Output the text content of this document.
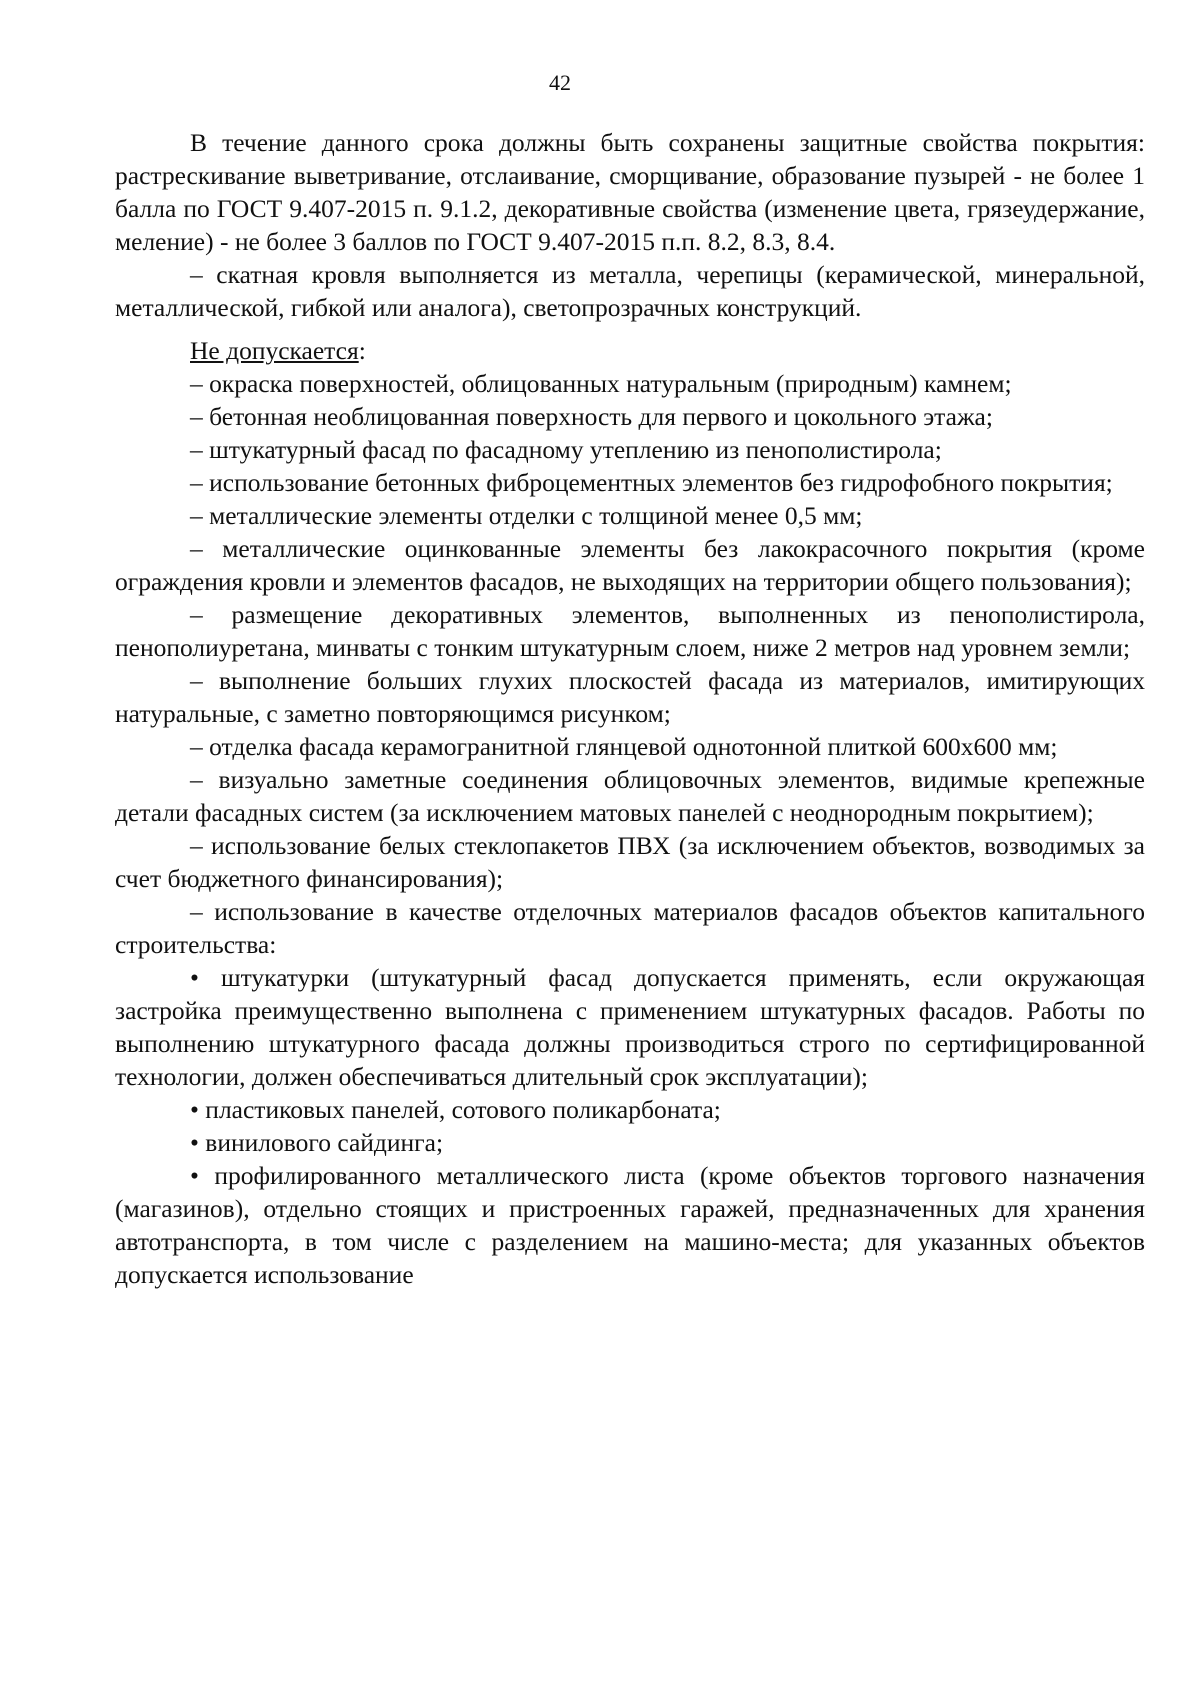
42

В течение данного срока должны быть сохранены защитные свойства покрытия: растрескивание выветривание, отслаивание, сморщивание, образование пузырей - не более 1 балла по ГОСТ 9.407-2015 п. 9.1.2, декоративные свойства (изменение цвета, грязеудержание, меление) - не более 3 баллов по ГОСТ 9.407-2015 п.п. 8.2, 8.3, 8.4.

– скатная кровля выполняется из металла, черепицы (керамической, минеральной, металлической, гибкой или аналога), светопрозрачных конструкций.

Не допускается:

– окраска поверхностей, облицованных натуральным (природным) камнем;

– бетонная необлицованная поверхность для первого и цокольного этажа;

– штукатурный фасад по фасадному утеплению из пенополистирола;

– использование бетонных фиброцементных элементов без гидрофобного покрытия;

– металлические элементы отделки с толщиной менее 0,5 мм;

– металлические оцинкованные элементы без лакокрасочного покрытия (кроме ограждения кровли и элементов фасадов, не выходящих на территории общего пользования);

– размещение декоративных элементов, выполненных из пенополистирола, пенополиуретана, минваты с тонким штукатурным слоем, ниже 2 метров над уровнем земли;

– выполнение больших глухих плоскостей фасада из материалов, имитирующих натуральные, с заметно повторяющимся рисунком;

– отделка фасада керамогранитной глянцевой однотонной плиткой 600х600 мм;

– визуально заметные соединения облицовочных элементов, видимые крепежные детали фасадных систем (за исключением матовых панелей с неоднородным покрытием);

– использование белых стеклопакетов ПВХ (за исключением объектов, возводимых за счет бюджетного финансирования);

– использование в качестве отделочных материалов фасадов объектов капитального строительства:

• штукатурки (штукатурный фасад допускается применять, если окружающая застройка преимущественно выполнена с применением штукатурных фасадов. Работы по выполнению штукатурного фасада должны производиться строго по сертифицированной технологии, должен обеспечиваться длительный срок эксплуатации);

• пластиковых панелей, сотового поликарбоната;

• винилового сайдинга;

• профилированного металлического листа (кроме объектов торгового назначения (магазинов), отдельно стоящих и пристроенных гаражей, предназначенных для хранения автотранспорта, в том числе с разделением на машино-места; для указанных объектов допускается использование
